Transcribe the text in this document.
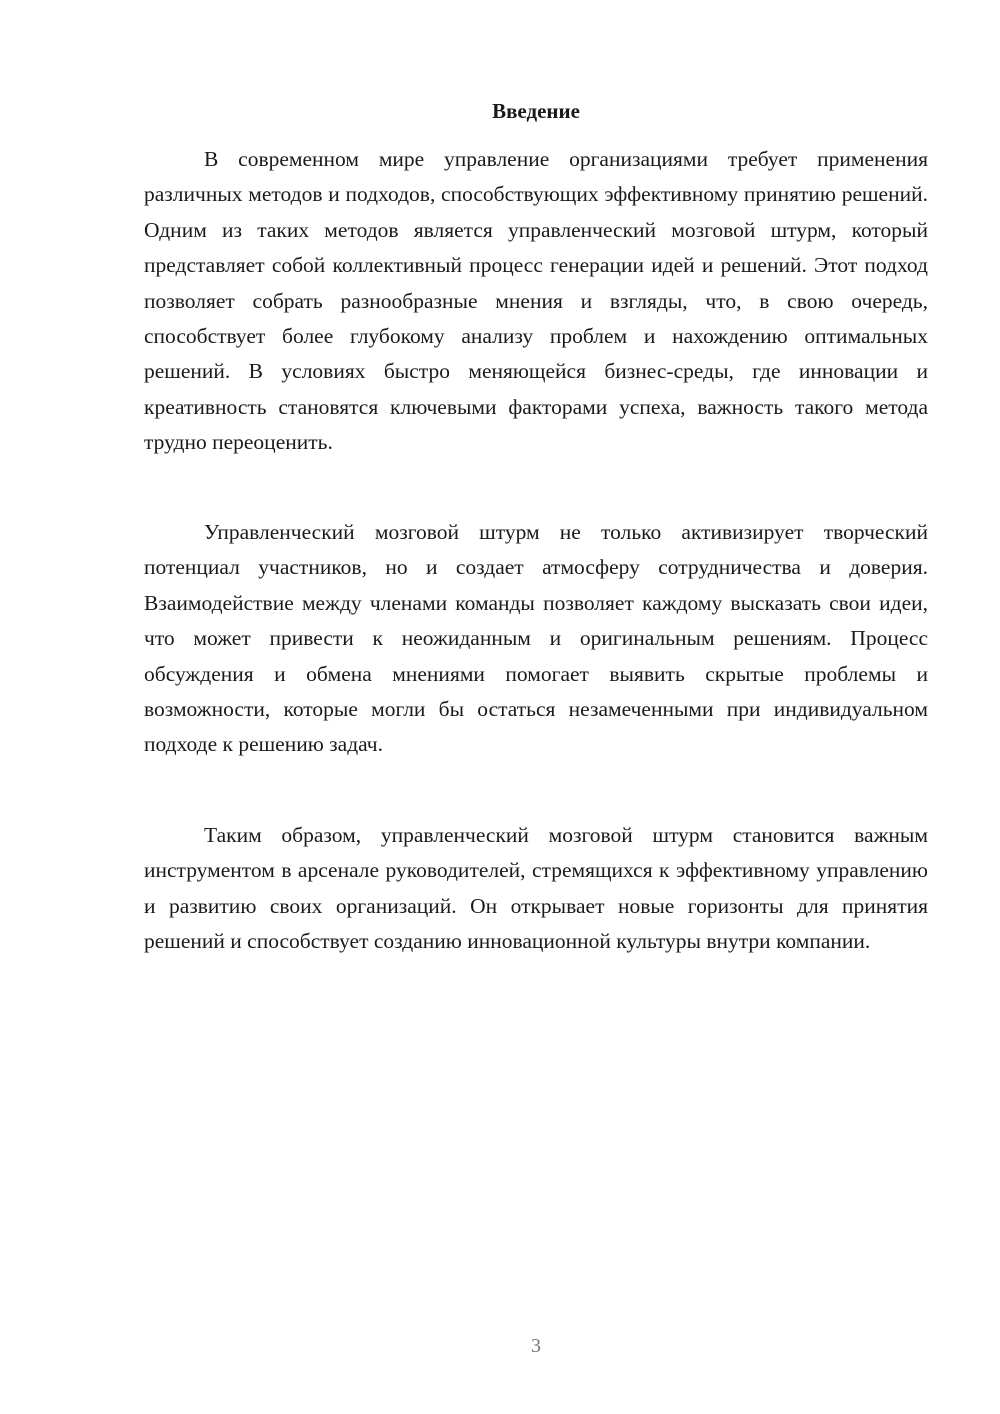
Введение

В современном мире управление организациями требует применения различных методов и подходов, способствующих эффективному принятию решений. Одним из таких методов является управленческий мозговой штурм, который представляет собой коллективный процесс генерации идей и решений. Этот подход позволяет собрать разнообразные мнения и взгляды, что, в свою очередь, способствует более глубокому анализу проблем и нахождению оптимальных решений. В условиях быстро меняющейся бизнес-среды, где инновации и креативность становятся ключевыми факторами успеха, важность такого метода трудно переоценить.

Управленческий мозговой штурм не только активизирует творческий потенциал участников, но и создает атмосферу сотрудничества и доверия. Взаимодействие между членами команды позволяет каждому высказать свои идеи, что может привести к неожиданным и оригинальным решениям. Процесс обсуждения и обмена мнениями помогает выявить скрытые проблемы и возможности, которые могли бы остаться незамеченными при индивидуальном подходе к решению задач.

Таким образом, управленческий мозговой штурм становится важным инструментом в арсенале руководителей, стремящихся к эффективному управлению и развитию своих организаций. Он открывает новые горизонты для принятия решений и способствует созданию инновационной культуры внутри компании.

3
